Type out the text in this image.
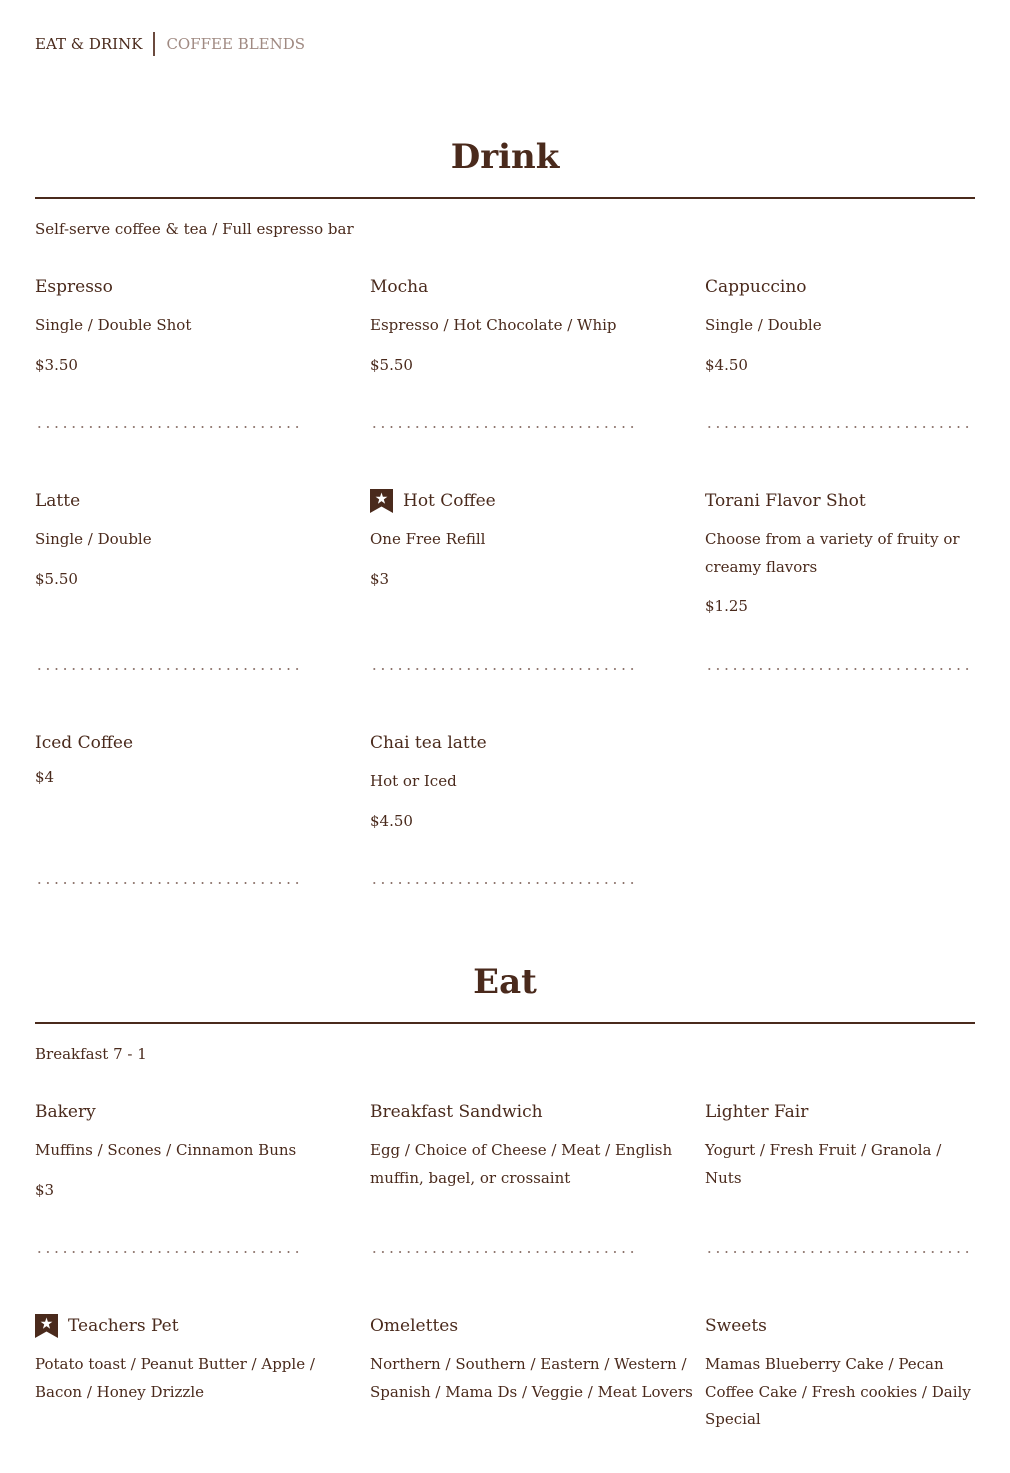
EAT & DRINK COFFEE BLENDS
Drink
Self-serve coffee & tea / Full espresso bar
Espresso
Single / Double Shot
$3.50
Mocha
Espresso / Hot Chocolate / Whip
$5.50
Cappuccino
Single / Double
$4.50
Latte
Single / Double
$5.50
Hot Coffee
One Free Refill
$3
Torani Flavor Shot
Choose from a variety of fruity or creamy flavors
$1.25
Iced Coffee
$4
Chai tea latte
Hot or Iced
$4.50
Eat
Breakfast 7 - 1
Bakery
Muffins / Scones / Cinnamon Buns
$3
Breakfast Sandwich
Egg / Choice of Cheese / Meat / English muffin, bagel, or crossaint
Lighter Fair
Yogurt / Fresh Fruit / Granola / Nuts
Teachers Pet
Potato toast / Peanut Butter / Apple / Bacon / Honey Drizzle
Omelettes
Northern / Southern / Eastern / Western / Spanish / Mama Ds / Veggie / Meat Lovers
Sweets
Mamas Blueberry Cake / Pecan Coffee Cake / Fresh cookies / Daily Special
